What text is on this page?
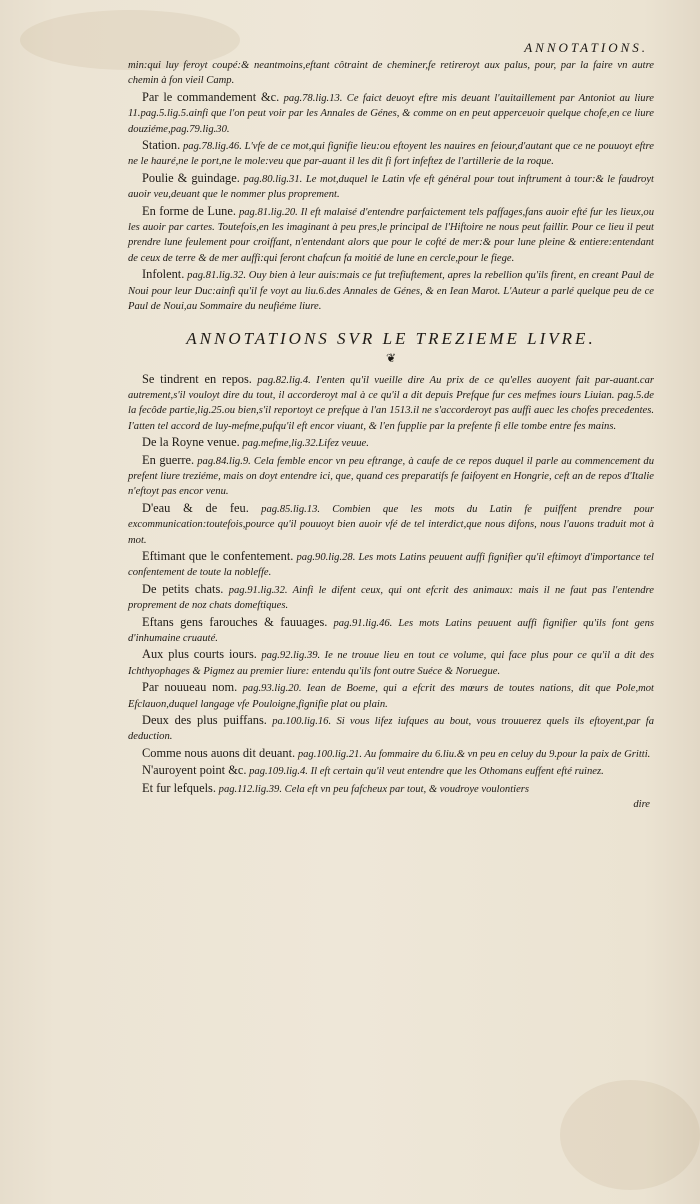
ANNOTATIONS.

min:qui luy feroyt coupé:& neantmoins,eftant côtraint de cheminer,fe retireroyt aux palus, pour, par la faire vn autre chemin à fon vieil Camp.

Par le commandement &c. pag.78.lig.13. Ce faict deuoyt eftre mis deuant l'auitaillement par Antoniot au liure 11.pag.5.lig.5.ainfi que l'on peut voir par les Annales de Génes, & comme on en peut apperceuoir quelque chofe,en ce liure douziéme,pag.79.lig.30.

Station. pag.78.lig.46. L'vfe de ce mot,qui fignifie lieu:ou eftoyent les nauires en feiour,d'autant que ce ne pouuoyt eftre ne le hauré,ne le port,ne le mole:veu que par-auant il les dit fi fort infeftez de l'artillerie de la roque.

Poulie & guindage. pag.80.lig.31. Le mot,duquel le Latin vfe eft général pour tout inftrument à tour:& le faudroyt auoir veu,deuant que le nommer plus proprement.

En forme de Lune. pag.81.lig.20. Il eft malaisé d'entendre parfaictement tels paffages,fans auoir efté fur les lieux,ou les auoir par cartes. Toutefois,en les imaginant à peu pres,le principal de l'Hiftoire ne nous peut faillir. Pour ce lieu il peut prendre lune feulement pour croiffant, n'entendant alors que pour le cofté de mer:& pour lune pleine & entiere:entendant de ceux de terre & de mer auffi:qui feront chafcun fa moitié de lune en cercle,pour le fiege.

Infolent. pag.81.lig.32. Ouy bien à leur auis:mais ce fut trefiuftement, apres la rebellion qu'ils firent, en creant Paul de Noui pour leur Duc:ainfi qu'il fe voyt au liu.6.des Annales de Génes, & en Iean Marot. L'Auteur a parlé quelque peu de ce Paul de Noui,au Sommaire du neufiéme liure.

ANNOTATIONS SVR LE TREZIEME LIVRE.
❦

Se tindrent en repos. pag.82.lig.4. I'enten qu'il vueille dire Au prix de ce qu'elles auoyent fait par-auant.car autrement,s'il vouloyt dire du tout, il accorderoyt mal à ce qu'il a dit depuis Prefque fur ces mefmes iours Liuian. pag.5.de la fecôde partie,lig.25.ou bien,s'il reportoyt ce prefque à l'an 1513.il ne s'accorderoyt pas auffi auec les chofes precedentes. I'atten tel accord de luy-mefme,pufqu'il eft encor viuant, & l'en fupplie par la prefente fi elle tombe entre fes mains.

De la Royne venue. pag.mefme,lig.32.Lifez veuue.

En guerre. pag.84.lig.9. Cela femble encor vn peu eftrange, à caufe de ce repos duquel il parle au commencement du prefent liure treziéme, mais on doyt entendre ici, que, quand ces preparatifs fe faifoyent en Hongrie, ceft an de repos d'Italie n'eftoyt pas encor venu.

D'eau & de feu. pag.85.lig.13. Combien que les mots du Latin fe puiffent prendre pour excommunication:toutefois,pource qu'il pouuoyt bien auoir vfé de tel interdict,que nous difons, nous l'auons traduit mot à mot.

Eftimant que le confentement. pag.90.lig.28. Les mots Latins peuuent auffi fignifier qu'il eftimoyt d'importance tel confentement de toute la nobleffe.

De petits chats. pag.91.lig.32. Ainfi le difent ceux, qui ont efcrit des animaux: mais il ne faut pas l'entendre proprement de noz chats domeftiques.

Eftans gens farouches & fauuages. pag.91.lig.46. Les mots Latins peuuent auffi fignifier qu'ils font gens d'inhumaine cruauté.

Aux plus courts iours. pag.92.lig.39. Ie ne trouue lieu en tout ce volume, qui face plus pour ce qu'il a dit des Ichthyophages & Pigmez au premier liure: entendu qu'ils font outre Suéce & Noruegue.

Par nouueau nom. pag.93.lig.20. Iean de Boeme, qui a efcrit des mœurs de toutes nations, dit que Pole,mot Efclauon,duquel langage vfe Pouloigne,fignifie plat ou plain.

Deux des plus puiffans. pa.100.lig.16. Si vous lifez iufques au bout, vous trouuerez quels ils eftoyent,par fa deduction.

Comme nous auons dit deuant. pag.100.lig.21. Au fommaire du 6.liu.& vn peu en celuy du 9.pour la paix de Gritti.

N'auroyent point &c. pag.109.lig.4. Il eft certain qu'il veut entendre que les Othomans euffent efté ruinez.

Et fur lefquels. pag.112.lig.39. Cela eft vn peu fafcheux par tout, & voudroye voulontiers

dire
